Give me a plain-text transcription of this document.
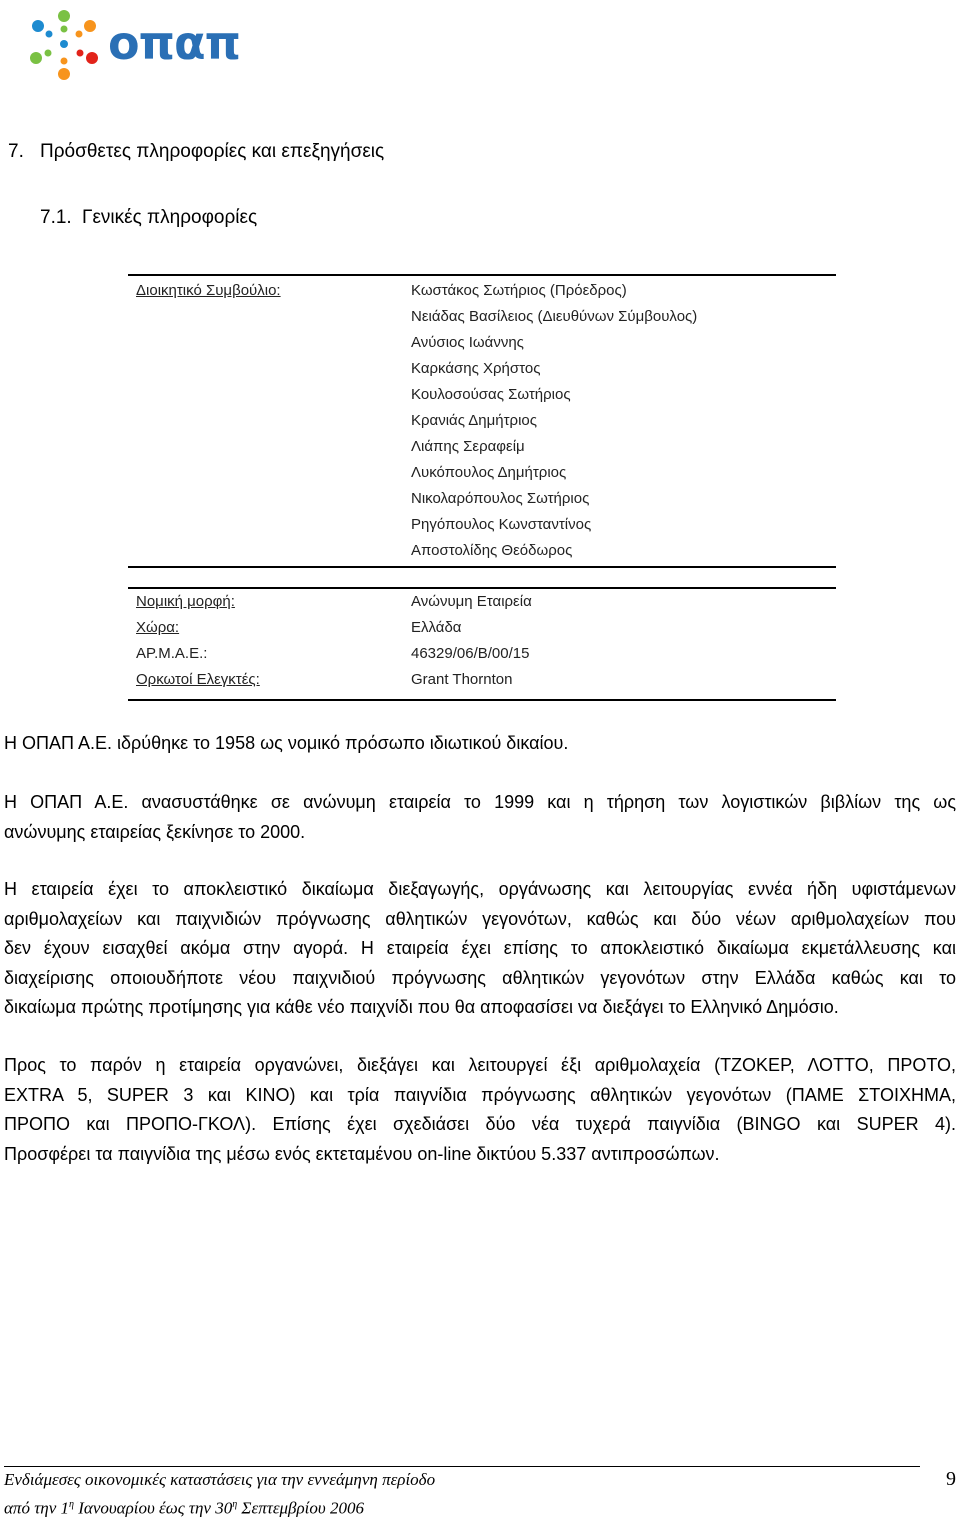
οπαπ
7. Πρόσθετες πληροφορίες και επεξηγήσεις
7.1. Γενικές πληροφορίες
Διοικητικό Συμβούλιο:	Κωστάκος Σωτήριος (Πρόεδρος)
Νειάδας Βασίλειος (Διευθύνων Σύμβουλος)
Ανύσιος Ιωάννης
Καρκάσης Χρήστος
Κουλοσούσας Σωτήριος
Κρανιάς Δημήτριος
Λιάπης Σεραφείμ
Λυκόπουλος Δημήτριος
Νικολαρόπουλος Σωτήριος
Ρηγόπουλος Κωνσταντίνος
Αποστολίδης Θεόδωρος
Νομική μορφή:
Χώρα:
ΑΡ.Μ.Α.Ε.:
Ορκωτοί Ελεγκτές:
Ανώνυμη Εταιρεία
Ελλάδα
46329/06/B/00/15
Grant Thornton
Η ΟΠΑΠ Α.Ε. ιδρύθηκε το 1958 ως νομικό πρόσωπο ιδιωτικού δικαίου.
Η ΟΠΑΠ Α.Ε. ανασυστάθηκε σε ανώνυμη εταιρεία το 1999 και η τήρηση των λογιστικών βιβλίων της ως
ανώνυμης εταιρείας ξεκίνησε το 2000.
Η εταιρεία έχει το αποκλειστικό δικαίωμα διεξαγωγής, οργάνωσης και λειτουργίας εννέα ήδη υφιστάμενων
αριθμολαχείων και παιχνιδιών πρόγνωσης αθλητικών γεγονότων, καθώς και δύο νέων αριθμολαχείων που
δεν έχουν εισαχθεί ακόμα στην αγορά. Η εταιρεία έχει επίσης το αποκλειστικό δικαίωμα εκμετάλλευσης και
διαχείρισης οποιουδήποτε νέου παιχνιδιού πρόγνωσης αθλητικών γεγονότων στην Ελλάδα καθώς και το
δικαίωμα πρώτης προτίμησης για κάθε νέο παιχνίδι που θα αποφασίσει να διεξάγει το Ελληνικό Δημόσιο.
Προς το παρόν η εταιρεία οργανώνει, διεξάγει και λειτουργεί έξι αριθμολαχεία (ΤΖΟΚΕΡ, ΛΟΤΤΟ, ΠΡΟΤΟ,
EXTRA 5, SUPER 3 και ΚΙΝΟ) και τρία παιγνίδια πρόγνωσης αθλητικών γεγονότων (ΠΑΜΕ ΣΤΟΙΧΗΜΑ,
ΠΡΟΠΟ και ΠΡΟΠΟ-ΓΚΟΛ). Επίσης έχει σχεδιάσει δύο νέα τυχερά παιγνίδια (BINGO και SUPER 4).
Προσφέρει τα παιγνίδια της μέσω ενός εκτεταμένου on-line δικτύου 5.337 αντιπροσώπων.
Ενδιάμεσες οικονομικές καταστάσεις για την εννεάμηνη περίοδο
από την $1^\eta$ Ιανουαρίου έως την $30^\eta$ Σεπτεμβρίου 2006
9
